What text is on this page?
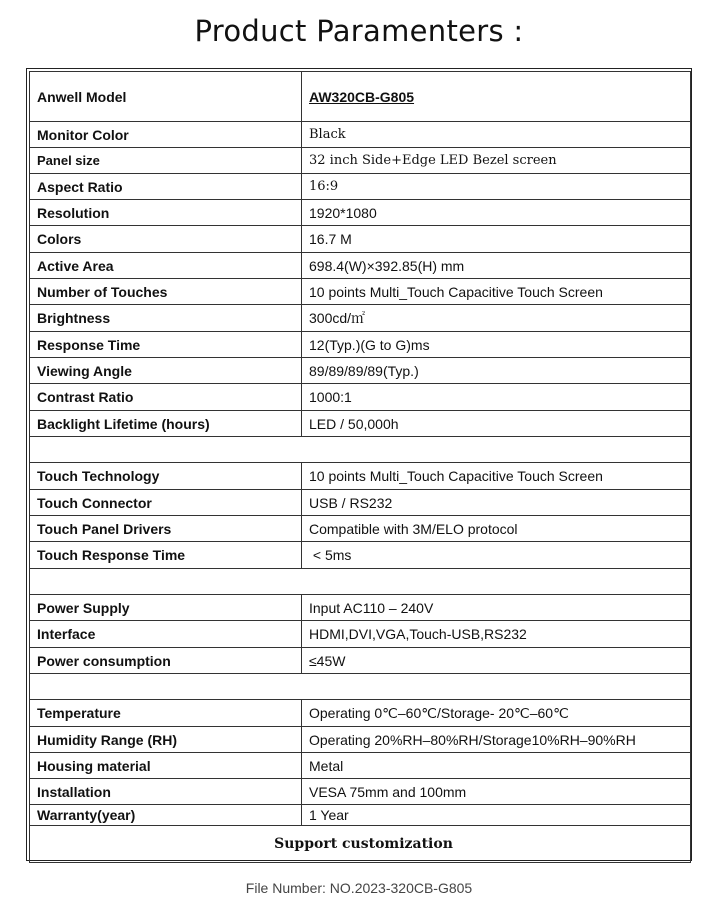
Product Paramenters :
Anwell Model	AW320CB-G805
Monitor Color	Black
Panel size	32 inch Side+Edge LED Bezel screen
Aspect Ratio	16:9
Resolution	1920*1080
Colors	16.7 M
Active Area	698.4(W)×392.85(H) mm
Number of Touches	10 points Multi_Touch Capacitive Touch Screen
Brightness	300cd/㎡
Response Time	12(Typ.)(G to G)ms
Viewing Angle	89/89/89/89(Typ.)
Contrast Ratio	1000:1
Backlight Lifetime (hours)	LED / 50,000h

Touch Technology	10 points Multi_Touch Capacitive Touch Screen
Touch Connector	USB / RS232
Touch Panel Drivers	Compatible with 3M/ELO protocol
Touch Response Time	< 5ms

Power Supply	Input AC110 – 240V
Interface	HDMI,DVI,VGA,Touch-USB,RS232
Power consumption	≤45W

Temperature	Operating 0℃–60℃/Storage- 20℃–60℃
Humidity Range (RH)	Operating 20%RH–80%RH/Storage10%RH–90%RH
Housing material	Metal
Installation	VESA 75mm and 100mm
Warranty(year)	1 Year
Support customization	
File Number: NO.2023-320CB-G805
